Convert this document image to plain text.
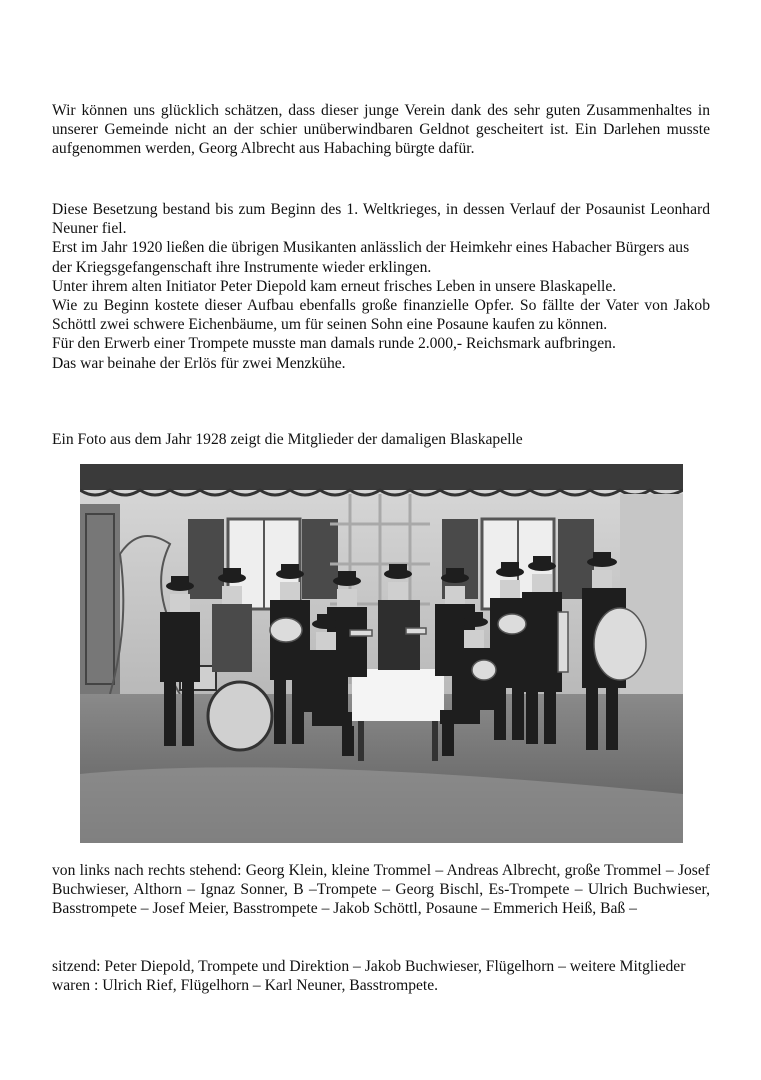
Wir können uns glücklich schätzen, dass dieser junge Verein dank des sehr guten Zusammenhaltes in unserer Gemeinde nicht an der schier unüberwindbaren Geldnot gescheitert ist. Ein Darlehen musste aufgenommen werden, Georg Albrecht aus Habaching bürgte dafür.

Diese Besetzung bestand bis zum Beginn des 1. Weltkrieges, in dessen Verlauf der Posaunist Leonhard Neuner fiel.
Erst im Jahr 1920 ließen die übrigen Musikanten anlässlich der Heimkehr eines Habacher Bürgers aus der Kriegsgefangenschaft ihre Instrumente wieder erklingen.
Unter ihrem alten Initiator Peter Diepold kam erneut frisches Leben in unsere Blaskapelle.
Wie zu Beginn kostete dieser Aufbau ebenfalls große finanzielle Opfer. So fällte der Vater von Jakob Schöttl zwei schwere Eichenbäume, um für seinen Sohn eine Posaune kaufen zu können.
Für den Erwerb einer Trompete musste man damals runde 2.000,- Reichsmark aufbringen.
Das war beinahe der Erlös für zwei Menzkühe.

Ein Foto aus dem Jahr 1928 zeigt die Mitglieder der damaligen Blaskapelle

von links nach rechts stehend: Georg Klein, kleine Trommel – Andreas Albrecht, große Trommel – Josef Buchwieser, Althorn – Ignaz Sonner, B –Trompete – Georg Bischl, Es-Trompete – Ulrich Buchwieser, Basstrompete – Josef Meier, Basstrompete – Jakob Schöttl, Posaune – Emmerich Heiß, Baß –

sitzend: Peter Diepold, Trompete und Direktion – Jakob Buchwieser, Flügelhorn – weitere Mitglieder waren : Ulrich Rief, Flügelhorn – Karl Neuner, Basstrompete.
